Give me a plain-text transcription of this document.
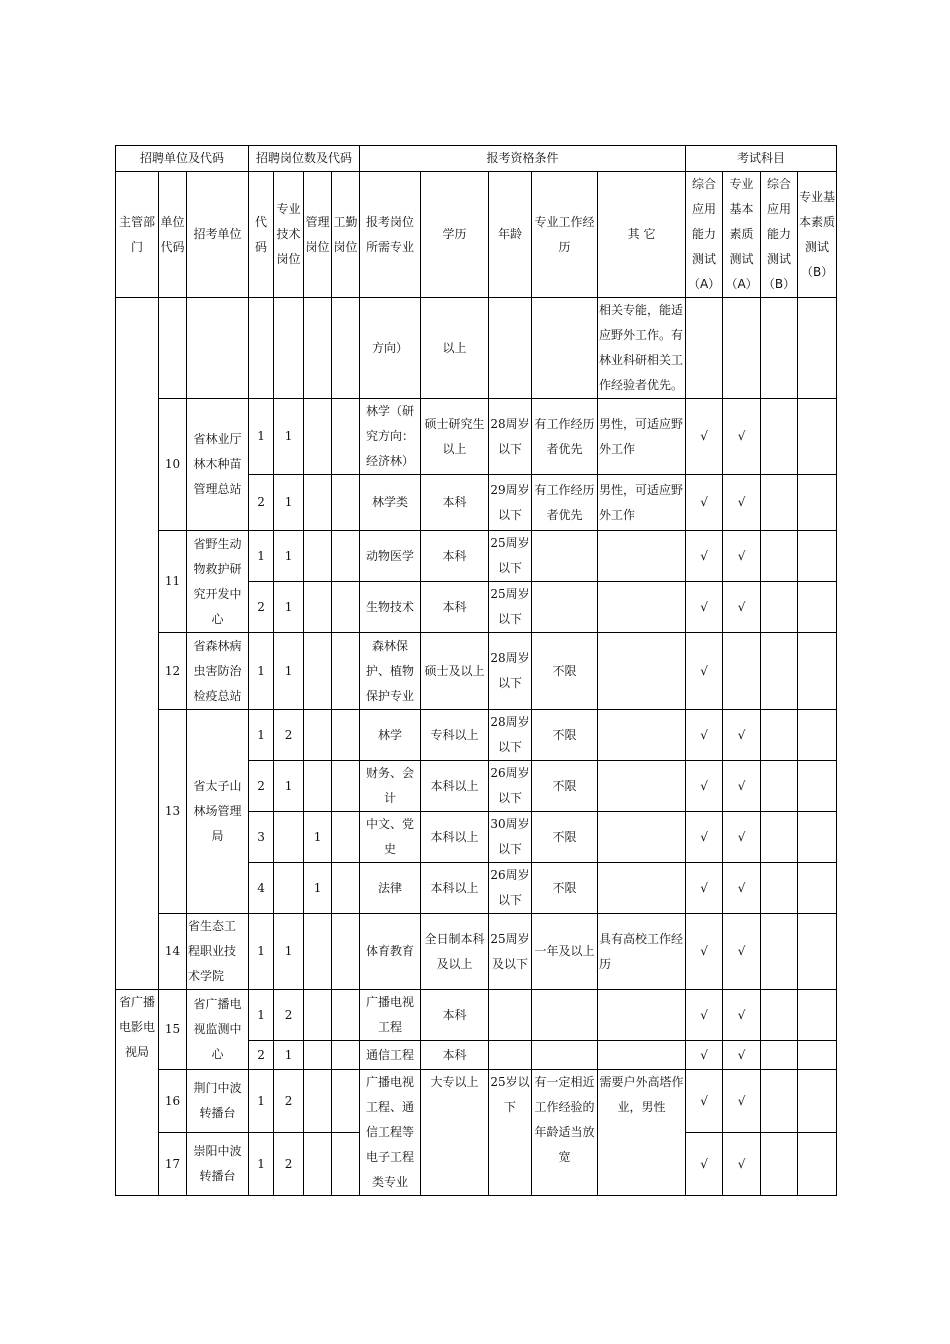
招聘单位及代码			招聘岗位数及代码				报考资格条件					考试科目			
主管部门	单位代码	招考单位	代码	专业技术岗位	管理岗位	工勤岗位	报考岗位所需专业	学历	年龄	专业工作经历	其 它	综合应用能力测试（A）	专业基本素质测试（A）	综合应用能力测试（B）	专业基本素质测试（B）
							方向）	以上			相关专能，能适应野外工作。有林业科研相关工作经验者优先。				
	10	省林业厅林木种苗管理总站	1	1			林学（研究方向：经济林）	硕士研究生以上	28周岁以下	有工作经历者优先	男性，可适应野外工作	√	√		
			2	1			林学类	本科	29周岁以下	有工作经历者优先	男性，可适应野外工作	√	√		
	11	省野生动物救护研究开发中心	1	1			动物医学	本科	25周岁以下			√	√		
			2	1			生物技术	本科	25周岁以下			√	√		
	12	省森林病虫害防治检疫总站	1	1			森林保护、植物保护专业	硕士及以上	28周岁以下	不限		√			
	13	省太子山林场管理局	1	2			林学	专科以上	28周岁以下	不限		√	√		
			2	1			财务、会计	本科以上	26周岁以下	不限		√	√		
			3		1		中文、党史	本科以上	30周岁以下	不限		√	√		
			4		1		法律	本科以上	26周岁以下	不限		√	√		
	14	省生态工程职业技术学院	1	1			体育教育	全日制本科及以上	25周岁及以下	一年及以上	具有高校工作经历	√	√		
省广播电影电视局	15	省广播电视监测中心	1	2			广播电视工程	本科				√	√		
			2	1			通信工程	本科				√	√		
	16	荆门中波转播台	1	2			广播电视工程、通信工程等电子工程类专业	大专以上	25岁以下	有一定相近工作经验的年龄适当放宽	需要户外高塔作业，男性	√	√		
	17	崇阳中波转播台	1	2								√	√		
